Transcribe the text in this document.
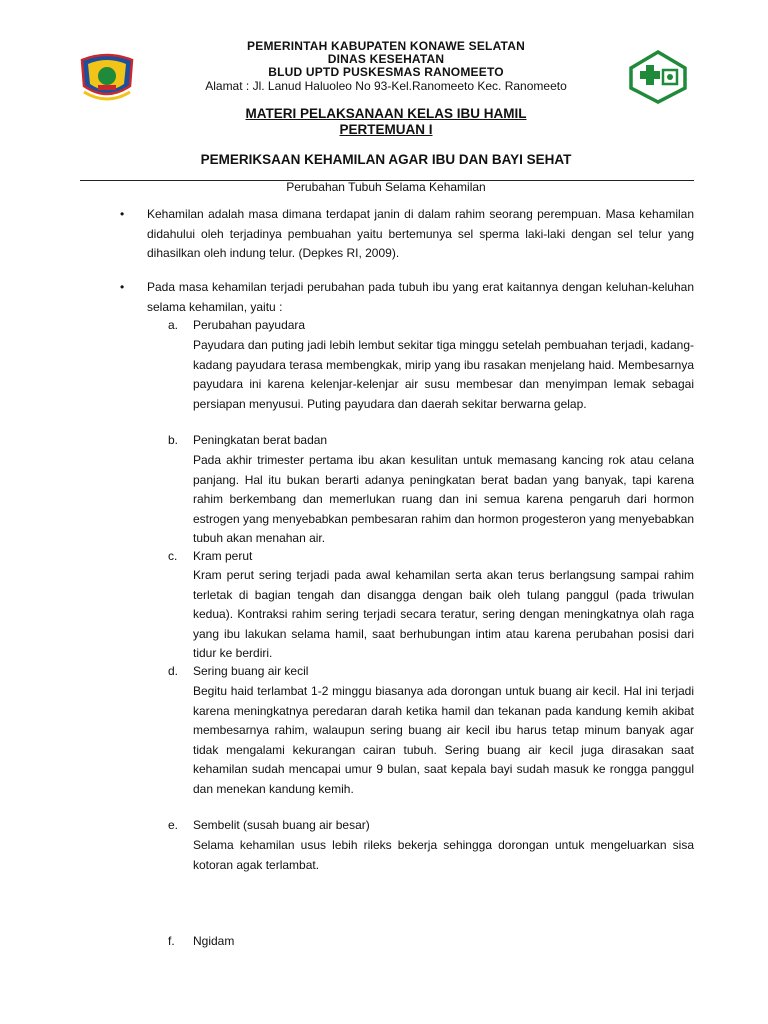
PEMERINTAH KABUPATEN KONAWE SELATAN
DINAS KESEHATAN
BLUD UPTD PUSKESMAS RANOMEETO
Alamat : Jl. Lanud Haluoleo No 93-Kel.Ranomeeto Kec. Ranomeeto
MATERI PELAKSANAAN KELAS IBU HAMIL
PERTEMUAN I
PEMERIKSAAN KEHAMILAN AGAR IBU DAN BAYI SEHAT
Perubahan Tubuh Selama Kehamilan
• Kehamilan adalah masa dimana terdapat janin di dalam rahim seorang perempuan. Masa kehamilan didahului oleh terjadinya pembuahan yaitu bertemunya sel sperma laki-laki dengan sel telur yang dihasilkan oleh indung telur. (Depkes RI, 2009).
• Pada masa kehamilan terjadi perubahan pada tubuh ibu yang erat kaitannya dengan keluhan-keluhan selama kehamilan, yaitu :
a. Perubahan payudara
Payudara dan puting jadi lebih lembut sekitar tiga minggu setelah pembuahan terjadi, kadang-kadang payudara terasa membengkak, mirip yang ibu rasakan menjelang haid. Membesarnya payudara ini karena kelenjar-kelenjar air susu membesar dan menyimpan lemak sebagai persiapan menyusui. Puting payudara dan daerah sekitar berwarna gelap.
b. Peningkatan berat badan
Pada akhir trimester pertama ibu akan kesulitan untuk memasang kancing rok atau celana panjang. Hal itu bukan berarti adanya peningkatan berat badan yang banyak, tapi karena rahim berkembang dan memerlukan ruang dan ini semua karena pengaruh dari hormon estrogen yang menyebabkan pembesaran rahim dan hormon progesteron yang menyebabkan tubuh akan menahan air.
c. Kram perut
Kram perut sering terjadi pada awal kehamilan serta akan terus berlangsung sampai rahim terletak di bagian tengah dan disangga dengan baik oleh tulang panggul (pada triwulan kedua). Kontraksi rahim sering terjadi secara teratur, sering dengan meningkatnya olah raga yang ibu lakukan selama hamil, saat berhubungan intim atau karena perubahan posisi dari tidur ke berdiri.
d. Sering buang air kecil
Begitu haid terlambat 1-2 minggu biasanya ada dorongan untuk buang air kecil. Hal ini terjadi karena meningkatnya peredaran darah ketika hamil dan tekanan pada kandung kemih akibat membesarnya rahim, walaupun sering buang air kecil ibu harus tetap minum banyak agar tidak mengalami kekurangan cairan tubuh. Sering buang air kecil juga dirasakan saat kehamilan sudah mencapai umur 9 bulan, saat kepala bayi sudah masuk ke rongga panggul dan menekan kandung kemih.
e. Sembelit (susah buang air besar)
Selama kehamilan usus lebih rileks bekerja sehingga dorongan untuk mengeluarkan sisa kotoran agak terlambat.
f. Ngidam
